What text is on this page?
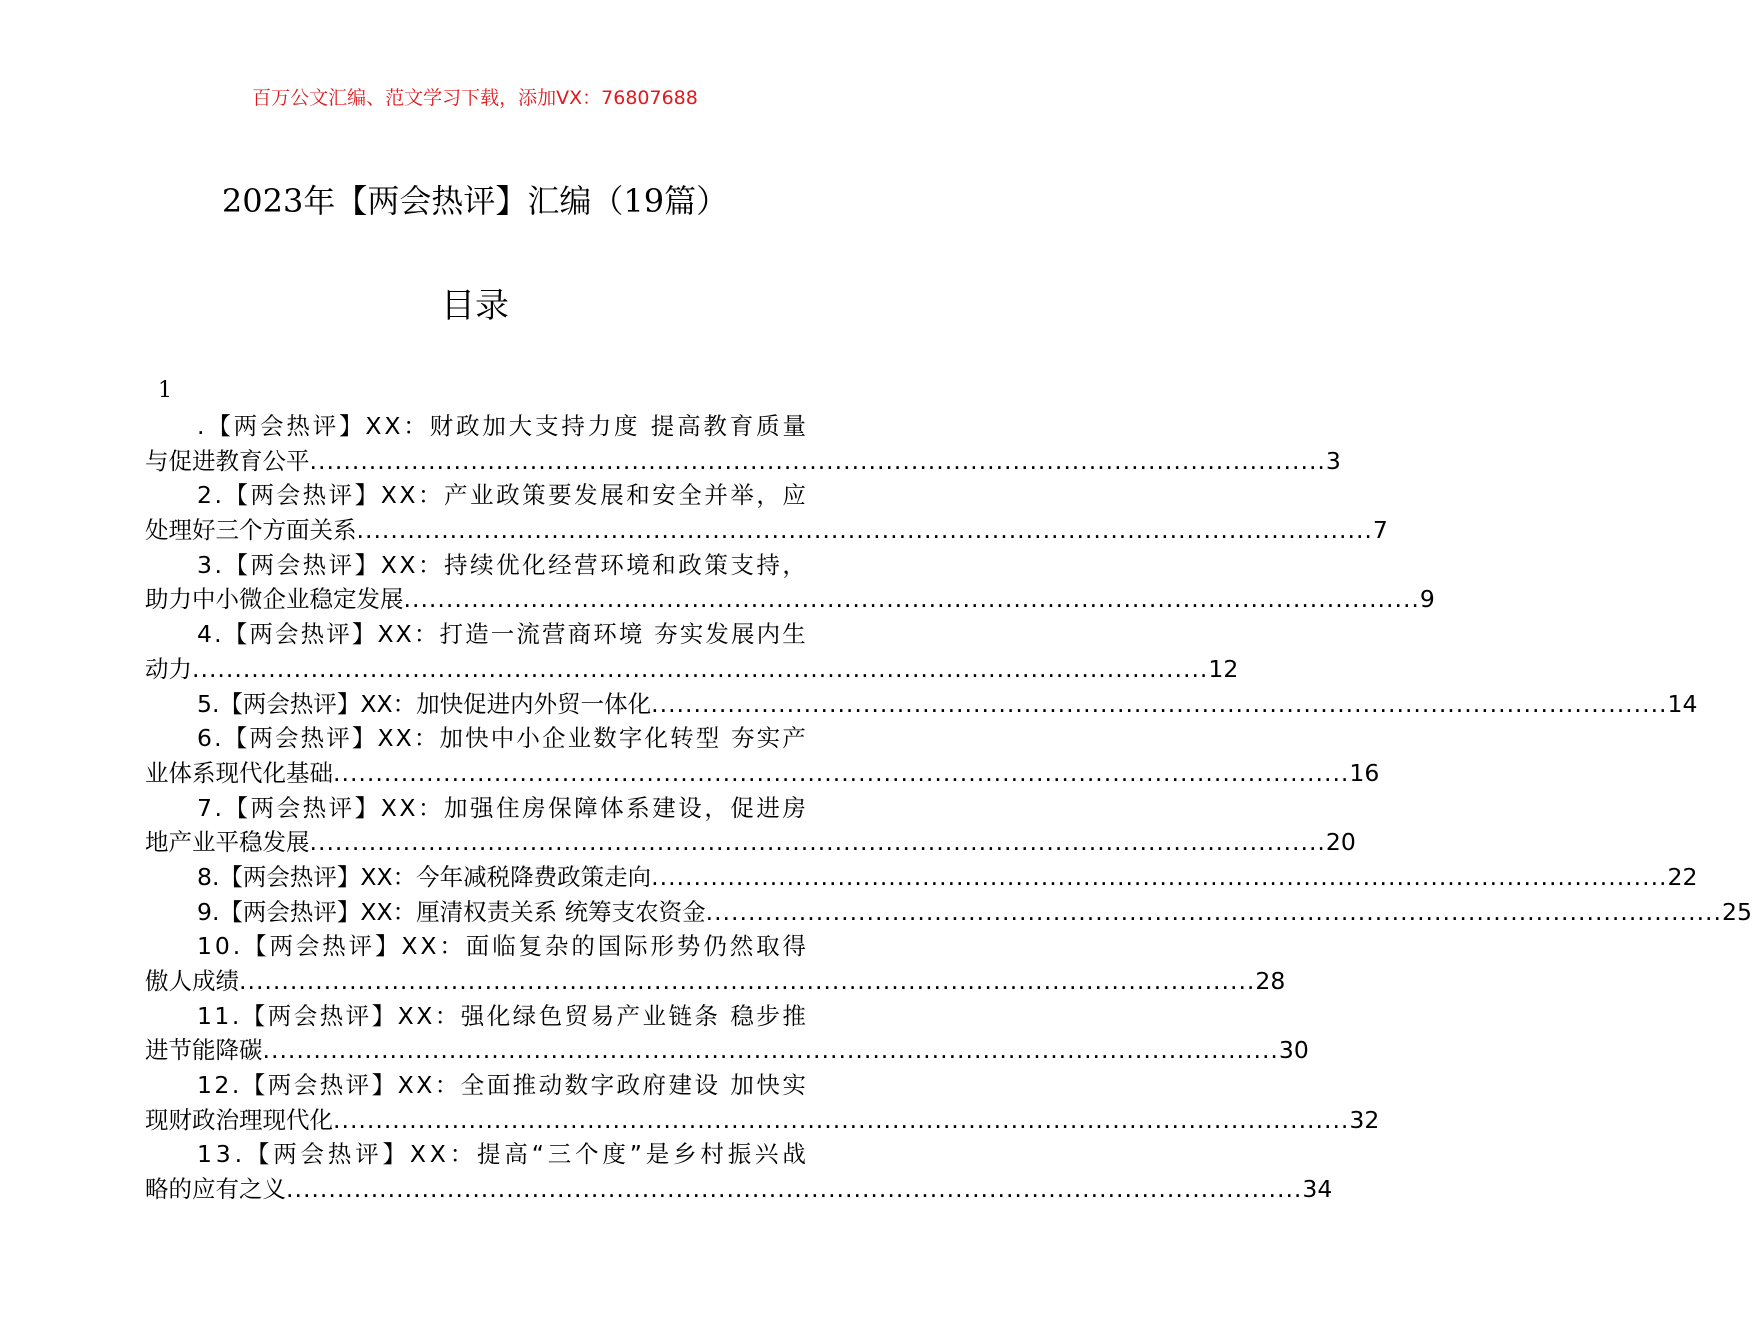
百万公文汇编、范文学习下载，添加VX：76807688
2023年【两会热评】汇编（19篇）
目录
1
. 【 两 会 热 评 】 X X ： 财 政 加 大 支 持 力 度
提 高 教 育 质 量
与促进教育公平 ........................................................................................................................ 3
2 . 【 两 会 热 评 】 X X ： 产 业 政 策 要 发 展 和 安 全 并 举 ， 应
处理好三个方面关系 ........................................................................................................................ 7
3 . 【 两 会 热 评 】 X X ： 持 续 优 化 经 营 环 境 和 政 策 支 持 ，
助力中小微企业稳定发展 ........................................................................................................................ 9
4 . 【 两 会 热 评 】 X X ： 打 造 一 流 营 商 环 境
夯 实 发 展 内 生
动力 ........................................................................................................................ 12
5.【两会热评】XX：加快促进内外贸一体化 ........................................................................................................................ 14
6 . 【 两 会 热 评 】 X X ： 加 快 中 小 企 业 数 字 化 转 型
夯 实 产
业体系现代化基础 ........................................................................................................................ 16
7 . 【 两 会 热 评 】 X X ： 加 强 住 房 保 障 体 系 建 设 ， 促 进 房
地产业平稳发展 ........................................................................................................................ 20
8.【两会热评】XX：今年减税降费政策走向 ........................................................................................................................ 22
9.【两会热评】XX：厘清权责关系 统筹支农资金 ........................................................................................................................ 25
1 0 . 【 两 会 热 评 】 X X ： 面 临 复 杂 的 国 际 形 势 仍 然 取 得
傲人成绩 ........................................................................................................................ 28
1 1 . 【 两 会 热 评 】 X X ： 强 化 绿 色 贸 易 产 业 链 条
稳 步 推
进节能降碳 ........................................................................................................................ 30
1 2 . 【 两 会 热 评 】 X X ： 全 面 推 动 数 字 政 府 建 设
加 快 实
现财政治理现代化 ........................................................................................................................ 32
1 3 . 【 两 会 热 评 】 X X ： 提 高 “ 三 个 度 ” 是 乡 村 振 兴 战
略的应有之义 ........................................................................................................................ 34
